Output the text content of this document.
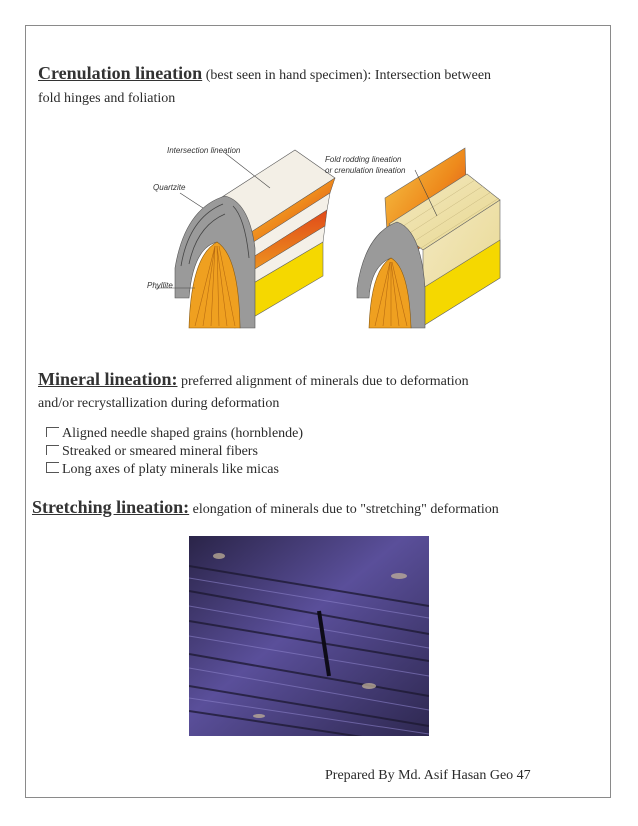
Crenulation lineation (best seen in hand specimen): Intersection between
fold hinges and foliation
Intersection lineation
Quartzite
Phyllite
Fold rodding lineation
or crenulation lineation
Mineral lineation: preferred alignment of minerals due to deformation
and/or recrystallization during deformation
Aligned needle shaped grains (hornblende)
Streaked or smeared mineral fibers
Long axes of platy minerals like micas
Stretching lineation: elongation of minerals due to "stretching" deformation
Prepared By Md. Asif Hasan Geo 47
